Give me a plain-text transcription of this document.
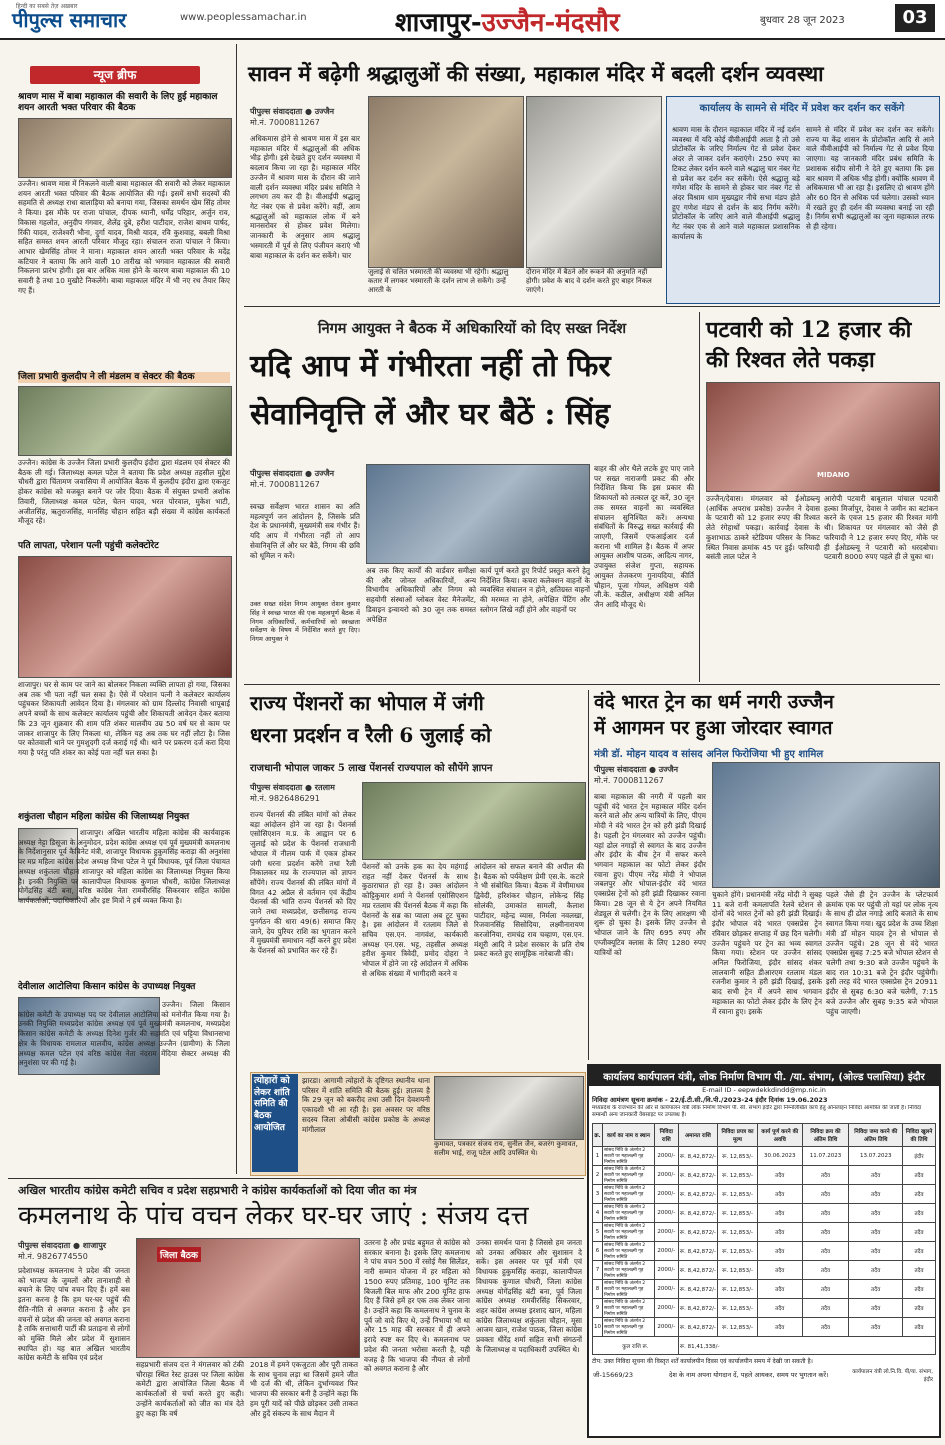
हिन्दी का सबसे तेज़ अख़बार
पीपुल्स समाचार	www.peoplessamachar.in	शाजापुर-उज्जैन-मंदसौर	बुधवार 28 जून 2023	03
न्यूज ब्रीफ
श्रावण मास में बाबा महाकाल की सवारी के लिए हुई महाकाल शयन आरती भक्त परिवार की बैठक
उज्जैन। श्रावण मास में निकलने वाली बाबा महाकाल की सवारी को लेकर महाकाल शयन आरती भक्त परिवार की बैठक आयोजित की गई। इसमें सभी सदस्यों की सहमति से अध्यक्ष राधा बालाड़िया को बनाया गया, जिसका समर्थन खेम सिंह तोमर ने किया। इस मौके पर राजा पांचाल, दीपक ध्यानी, धर्मेंद्र परिहार, अर्जुन राव, विकास गहलोत, अनुदीप गंगवार, शैलेंद्र दुबे, हरीश पाटीदार, राजेश बाथम पार्षद, रिंकी यादव, राजेश्वरी भौना, दुर्गा यादव, मिश्री यादव, रवि कुशवाह, बबली मिश्रा सहित समस्त शयन आरती परिवार मौजूद रहा। संचालन राजा पांचाल ने किया। आभार खेमसिंह तोमर ने माना। महाकाल शयन आरती भक्त परिवार के मदेंद्र कटियार ने बताया कि आने वाली 10 तारीख को भगवान महाकाल की सवारी निकलना प्रारंभ होगी। इस बार अधिक मास होने के कारण बाबा महाकाल की 10 सवारी है तथा 10 मुखौटे निकलेंगे। बाबा महाकाल मंदिर में भी नए रथ तैयार किए गए हैं।
जिला प्रभारी कुलदीप ने ली मंडलम व सेक्टर की बैठक
उज्जैन। कांग्रेस के उज्जैन जिला प्रभारी कुलदीप इंदौरा द्वारा मंडलम एवं सेक्टर की बैठक ली गई। जिलाध्यक्ष कमल पटेल ने बताया कि प्रदेश अध्यक्ष तहसील मुद्देश चौधरी द्वारा चिंतामण जवासिया में आयोजित बैठक में कुलदीप इंदौरा द्वारा एकजुट होकर कांग्रेस को मजबूत बनाने पर जोर दिया। बैठक में संयुक्त प्रभारी अशोक तिवारी, जिलाध्यक्ष कमल पटेल, चेतन यादव, भरत पोरवाल, मुकेश भाटी, अजीतसिंह, ऋतुराजसिंह, मानसिंह चौहान सहित बड़ी संख्या में कांग्रेस कार्यकर्ता मौजूद रहे।
पति लापता, परेशान पत्नी पहुंची कलेक्टोरेट
शाजापुर। घर से काम पर जाने का बोलकर निकला व्यक्ति लापता हो गया, जिसका अब तक भी पता नहीं चल सका है। ऐसे में परेशान पत्नी ने कलेक्टर कार्यालय पहुंचकर शिकायती आवेदन दिया है। मंगलवार को ग्राम दिल्लोद निवासी धापूबाई अपने बच्चों के साथ कलेक्टर कार्यालय पहुंची और शिकायती आवेदन देकर बताया कि 23 जून शुक्रवार की शाम पति शंकर मालवीय उम्र 50 वर्ष घर से काम पर जाकर शाजापुर के लिए निकला था, लेकिन यह अब तक घर नहीं लौटा है। जिस पर कोतवाली थाने पर गुमशुदगी दर्ज कराई गई थी। थाने पर प्रकरण दर्ज करा दिया गया है परंतु पति शंकर का कोई पता नहीं चल सका है।
शकुंतला चौहान महिला कांग्रेस की जिलाध्यक्ष नियुक्त
शाजापुर। अखिल भारतीय महिला कांग्रेस की कार्यवाहक अध्यक्ष नेट्टा डिसूजा के अनुमोदन, प्रदेश कांग्रेस अध्यक्ष एवं पूर्व मुख्यमंत्री कमलनाथ के निर्देशानुसार पूर्व कैबिनेट मंत्री, शाजापुर विधायक हुकुमसिंह कराड़ा की अनुशंसा पर मप्र महिला कांग्रेस प्रदेश अध्यक्ष विभा पटेल ने पूर्व विधायक, पूर्व जिला पंचायत अध्यक्ष शकुंतला चौहान शाजापुर को महिला कांग्रेस का जिलाध्यक्ष नियुक्त किया है। इनकी नियुक्ति पर कालापीपल विधायक कुणाल चौधरी, कांग्रेस जिलाध्यक्ष योगेंद्रसिंह बंटी बना, वरिष्ठ कांग्रेस नेता रामवीरसिंह सिकरवार सहित कांग्रेस कार्यकर्ताओं, पदाधिकारियों और इष्ट मित्रों ने हर्ष व्यक्त किया है।
देवीलाल आटोलिया किसान कांग्रेस के उपाध्यक्ष नियुक्त
उज्जैन। जिला किसान कांग्रेस कमेटी के उपाध्यक्ष पद पर देवीलाल आटोलिया को मनोनीत किया गया है। उनकी नियुक्ति मध्यप्रदेश कांग्रेस अध्यक्ष एवं पूर्व मुख्यमंत्री कमलनाथ, मध्यप्रदेश किसान कांग्रेस कमेटी के अध्यक्ष दिनेश गुर्जर की सहमति एवं घट्टिया विधानसभा क्षेत्र के विधायक रामलाल मालवीय, कांग्रेस अध्यक्ष उज्जैन (ग्रामीण) के जिला अध्यक्ष कमल पटेल एवं वरिष्ठ कांग्रेस नेता नंदराम मेंदिया सेक्टर अध्यक्ष की अनुशंसा पर की गई है।
सावन में बढ़ेगी श्रद्धालुओं की संख्या, महाकाल मंदिर में बदली दर्शन व्यवस्था
पीपुल्स संवाददाता ● उज्जैन
मो.नं. 7000811267
अधिकमास होने से श्रावण मास में इस बार महाकाल मंदिर में श्रद्धालुओं की अधिक भीड़ होगी। इसे देखते हुए दर्शन व्यवस्था में बदलाव किया जा रहा है। महाकाल मंदिर उज्जैन में श्रावण मास के दौरान की जाने वाली दर्शन व्यवस्था मंदिर प्रबंध समिति ने लगभग तय कर दी है। वीआईपी श्रद्धालु गेट नंबर एक से प्रवेश करेंगे। वहीं, आम श्रद्धालुओं को महाकाल लोक में बने मानसरोवर से होकर प्रवेश मिलेगा। जानकारी के अनुसार आम श्रद्धालु भस्मारती में पूर्व से लिए पंजीयन कराएं भी बाबा महाकाल के दर्शन कर सकेंगे। चार
जुलाई से चलित भस्मारती की व्यवस्था भी रहेगी। श्रद्धालु कतार में लगकर भस्मारती के दर्शन लाभ ले सकेंगे। उन्हें आरती के
दौरान मंदिर में बैठने और रूकने की अनुमति नहीं होगी। प्रवेश के बाद वे दर्शन करते हुए बाहर निकल जाएंगे।
कार्यालय के सामने से मंदिर में प्रवेश कर दर्शन कर सकेंगे
श्रावण मास के दौरान महाकाल मंदिर में नई दर्शन व्यवस्था में यदि कोई वीवीआईपी आता है तो उसे प्रोटोकॉल के जरिए निर्माल्य गेट से प्रवेश देकर अंदर ले जाकर दर्शन कराएंगे। 250 रुपए का टिकट लेकर दर्शन करने वाले श्रद्धालु चार नंबर गेट से प्रवेश कर दर्शन कर सकेंगे। ऐसे श्रद्धालु बड़े गणेश मंदिर के सामने से होकर चार नंबर गेट से अंदर विश्राम धाम मुख्यद्वार नीचे सभा मंडप होते हुए गणेश मंडप से दर्शन के बाद निर्गम करेंगे। प्रोटोकॉल के जरिए आने वाले वीआईपी श्रद्धालु गेट नंबर एक से आने वाले महाकाल प्रशासनिक कार्यालय के
सामने से मंदिर में प्रवेश कर दर्शन कर सकेंगे। राज्य या केंद्र शासन के प्रोटोकॉल आदि से आने वाले वीवीआईपी को निर्माल्य गेट से प्रवेश दिया जाएगा। यह जानकारी मंदिर प्रबंध समिति के प्रशासक संदीप सोनी ने देते हुए बताया कि इस बार श्रावण में अधिक भीड़ होगी। क्योंकि श्रावण में अधिकमास भी आ रहा है। इसलिए दो श्रावण होंगे और 60 दिन से अधिक पर्व चलेगा। उसको ध्यान में रखते हुए ही दर्शन की व्यवस्था बनाई जा रही है। निर्गम सभी श्रद्धालुओं का जूना महाकाल तरफ से ही रहेगा।
निगम आयुक्त ने बैठक में अधिकारियों को दिए सख्त निर्देश
यदि आप में गंभीरता नहीं तो फिर
सेवानिवृत्ति लें और घर बैठें : सिंह
पीपुल्स संवाददाता ● उज्जैन
मो.नं. 7000811267
स्वच्छ सर्वेक्षण भारत शासन का अति महत्वपूर्ण जन आंदोलन है, जिसके प्रति देश के प्रधानमंत्री, मुख्यमंत्री सब गंभीर हैं। यदि आप में गंभीरता नहीं तो आप सेवानिवृत्ति लें और घर बैठें, निगम की छवि को धूमिल न करें।
उक्त सख्त संदेश निगम आयुक्त रोशन कुमार सिंह ने स्वच्छ भारत की एक महत्वपूर्ण बैठक में निगम अधिकारियों, कर्मचारियों को स्वच्छता सर्वेक्षण के विषय में निर्देशित करते हुए दिए। निगम आयुक्त ने
अब तक किए कार्यों की वार्डवार समीक्षा की और जोनल अधिकारियों, अन्य विभागीय अधिकारियों और निगम को सहयोगी संस्थाओं ग्लोबल वेस्ट मैनेजमेंट, डिवाइन इन्वायरो को 30 जून तक समस्त अपेक्षित
कार्य पूर्ण करते हुए रिपोर्ट प्रस्तुत करने हेतु निर्देशित किया। कचरा कलेक्शन वाहनों के व्यवस्थित संचालन न होने, क्षतिग्रस्त वाहनों की मरम्मत ना होने, अपेक्षित पेंटिंग और स्लोगन लिखे नहीं होने और वाहनों पर
बाहर की ओर थैले लटके हुए पाए जाने पर सख्त नाराजगी प्रकट की और निर्देशित किया कि इस प्रकार की शिकायतों को तत्काल दूर करें, 30 जून तक समस्त वाहनों का व्यवस्थित संचालन सुनिश्चित करें। अन्यथा संबंधितों के विरुद्ध सख्त कार्रवाई की जाएगी, जिसमें एफआईआर दर्ज कराना भी शामिल है। बैठक में अपर आयुक्त आशीष पाठक, आदित्य नागर, उपायुक्त संजेश गुप्ता, सहायक आयुक्त तेजकरण गुनायदिया, कीर्ति चौहान, पूजा गोयल, अधिक्षण यंत्री जी.के. कठील, अधीक्षण यंत्री अनिल जैन आदि मौजूद थे।
पटवारी को 12 हजार की
की रिश्वत लेते पकड़ा
MIDANO
उज्जैन/देवास। मंगलवार को ईओडब्ल्यू (आर्थिक अपराध प्रकोष्ठ) उज्जैन ने देवास के पटवारी को 12 हजार रुपए की रिश्वत लेते रंगेहाथों पकड़ा। कार्रवाई देवास के कुशाभाऊ ठाकरे स्टेडियम परिसर के निकट स्थित निवास क्रमांक 45 पर हुई। फरियादी बसंती लाल पटेल ने
आरोपी पटवारी बाबूलाल पांचाल पटवारी हल्का मिर्जापुर, देवास ने जमीन का बटांकन करने के एवज 15 हजार की रिश्वत मांगी थी। शिकायत पर मंगलवार को जैसे ही फरियादी ने 12 हजार रुपए दिए, मौके पर ही ईओडब्ल्यू ने पटवारी को धरदबोचा। पटवारी 8000 रुपए पहले ही ले चुका था।
राज्य पेंशनरों का भोपाल में जंगी
धरना प्रदर्शन व रैली 6 जुलाई को
राजधानी भोपाल जाकर 5 लाख पेंशनर्स राज्यपाल को सौपेंगे ज्ञापन
पीपुल्स संवाददाता ● रतलाम
मो.नं. 9826486291
राज्य पेंशनर्स की लंबित मांगों को लेकर बड़ा आंदोलन होने जा रहा है। पेंशनर्स एसोसिएशन म.प्र. के आह्वान पर 6 जुलाई को प्रदेश के पेंशनर्स राजधानी भोपाल में नीलम पार्क में एकत्र होकर जंगी धरना प्रदर्शन करेंगे तथा रैली निकालकर मप्र के राज्यपाल को ज्ञापन सौंपेंगे। राज्य पेंशनर्स की लंबित मांगों में विगत 42 अप्रैल से वर्तमान एवं केंद्रीय पेंशनर्स की भांति राज्य पेंशनर्स को दिए जाने तथा मध्यप्रदेश, छत्तीसगढ़ राज्य पुनर्गठन की धारा 49(6) समाप्त किए जाने, देय पुरियर राशि का भुगतान करने में मुख्यमंत्री समाधान नहीं करने हुए प्रदेश के पेंशनर्स को प्रभावित कर रहे हैं।
पेंशनरों को उनके हक का देय महंगाई राहत नहीं देकर पेंशनर्स के साथ कुठाराघात हो रहा है। उक्त आंदोलन कोट्टिकुमार शर्मा ने पेंशनर्स एसोसिएशन मप्र रतलाम की पेंशनर्स बैठक में कहा कि पेंशनरों के सब्र का प्याला अब टूट चुका है। इस आंदोलन में रतलाम जिले से सचिव एस.एन. नागवंश, कार्यकारी अध्यक्ष एन.एस. भट्ट, तहसील अध्यक्ष हरीश कुमार त्रिवेदी, प्रमोद दोहरा ने भोपाल में होने जा रहे आंदोलन में अधिक से अधिक संख्या में भागीदारी करने व
आंदोलन को सफल बनाने की अपील की है। बैठक को पर्यवेक्षण प्रेमी एस.के. कटारे ने भी संबोधित किया। बैठक में वेणीमाधव द्विवेदी, हरिशंकर चौहान, लोकेन्द्र सिंह सोलंकी, उमाकांत सामली, कैलाश पाटीदार, महेन्द्र व्यास, निर्मला नवलखा, रिजवानसिंह सिसोदिया, लक्ष्मीनारायण करजोनिया, रामचंद्र राव चव्हाण, एस.एन. मंशूरी आदि ने प्रदेश सरकार के प्रति रोष प्रकट करते हुए सामूहिक नारेबाजी की।
त्योहारों को लेकर शांति समिति की बैठक आयोजित
झारडा। आगामी त्योहारों के दृष्टिगत स्थानीय थाना परिसर में शांति समिति की बैठक हुई। ज्ञातव्य है कि 29 जून को बकरीद तथा उसी दिन देवशयनी एकादशी भी आ रही है। इस अवसर पर वरिष्ठ सदस्य जिला ओबीसी कांग्रेस प्रकोष्ठ के अध्यक्ष मांगीलाल
कुमावत, पत्रकार संजय राय, सुनील जैन, बजरंग कुमावत, सलीम भाई, राजू पटेल आदि उपस्थित थे।
वंदे भारत ट्रेन का धर्म नगरी उज्जैन
में आगमन पर हुआ जोरदार स्वागत
मंत्री डॉ. मोहन यादव व सांसद अनिल फिरोजिया भी हुए शामिल
पीपुल्स संवाददाता ● उज्जैन
मो.नं. 7000811267
बाबा महाकाल की नगरी में पहली बार पहुंची वंदे भारत ट्रेन महाकाल मंदिर दर्शन करने वाले और अन्य यात्रियों के लिए, पीएम मोदी ने वंदे भारत ट्रेन को हरी झंडी दिखाई है। पहली ट्रेन मंगलवार को उज्जैन पहुंची। यहां ढोल नगाड़ों से स्वागत के बाद उज्जैन और इंदौर के बीच ट्रेन में सफर करने भगवान महाकाल का फोटो लेकर इंदौर रवाना हुए। पीएम नरेंद्र मोदी ने भोपाल जबलपुर और भोपाल-इंदौर वंदे भारत एक्सप्रेस ट्रेनों को हरी झंडी दिखाकर रवाना किया। 28 जून से ये ट्रेन अपने नियमित शेड्यूल से चलेगी। ट्रेन के लिए आरक्षण भी शुरू हो चुका है। इसके लिए उज्जैन से भोपाल जाने के लिए 695 रुपए और एग्जीक्यूटिव क्लास के लिए 1280 रुपए यात्रियों को
चुकाने होंगे। प्रधानमंत्री नरेंद्र मोदी ने सुबह 11 बजे रानी कमलापति रेलवे स्टेशन से दोनों वंदे भारत ट्रेनों को हरी झंडी दिखाई। इंदौर भोपाल वंदे भारत एक्सप्रेस ट्रेन रविवार छोड़कर सप्ताह में छह दिन चलेगी। उज्जैन पहुंचने पर ट्रेन का भव्य स्वागत किया गया। स्टेशन पर उज्जैन सांसद अनिल फिरोजिया, इंदौर सांसद शंकर लालवानी सहित डीआरएम रतलाम मंडल रजनीश कुमार ने हरी झंडी दिखाई, इसके बाद सभी ट्रेन में अपने साथ भगवान महाकाल का फोटो लेकर इंदौर के लिए ट्रेन में रवाना हुए। इसके
पहले जैसे ही ट्रेन उज्जैन के प्लेटफार्म क्रमांक एक पर पहुंची तो यहां पर लोक नृत्य के साथ ही ढोल नगाड़े आदि बजाते के साथ स्वागत किया गया। खुद प्रदेश के उच्च शिक्षा मंत्री डॉ मोहन यादव ट्रेन से भोपाल से उज्जैन पहुंचे। 28 जून से वंदे भारत एक्सप्रेस सुबह 7:25 बजे भोपाल स्टेशन से चलेगी तथा 9:30 बजे उज्जैन पहुंचने के बाद रात 10:31 बजे ट्रेन इंदौर पहुंचेगी। इसी तरह वंदे भारत एक्सप्रेस ट्रेन 20911 इंदौर से सुबह 6:30 बजे चलेगी, 7:15 बजे उज्जैन और सुबह 9:35 बजे भोपाल पहुंच जाएगी।
कार्यालय कार्यपालन यंत्री, लोक निर्माण विभाग पी. /या. संभाग, (ओल्ड पलासिया) इंदौर
E-mail ID - eepwdekkdindd@mp.nic.in
निविदा आमंत्रण सूचना क्रमांक - 22/ई.टी.सी./वि.पी./2023-24 इंदौर दिनांक 19.06.2023
मध्यप्रदेश के राजभवन की ओर से कार्यपालन यंत्री लोक निर्माण विभाग पी. सी. संभाग इंदौर द्वारा निम्नलिखित कार्य हेतु ऑनलाइन निविदा आमंत्रित की जाती है। निविदा सम्बन्धी अन्य जानकारी वेबसाइट पर उपलब्ध है।
क्र.	कार्य का नाम व स्थान	निविदा राशि	अमानत राशि	निविदा प्रपत्र का मूल्य	कार्य पूर्ण करने की अवधि	निविदा क्रय की अंतिम तिथि	निविदा जमा करने की अंतिम तिथि	निविदा खुलने की तिथि
1	सांसद निधि के अंतर्गत 2 सवारी पर महालक्ष्मी गृह निर्माण समिति	2000/-	रू. 8,42,872/-	रू. 12,853/-	30.06.2023	11.07.2023	13.07.2023	इंदौर
2	सांसद निधि के अंतर्गत 2 सवारी पर महालक्ष्मी गृह निर्माण समिति	2000/-	रू. 8,42,872/-	रू. 12,853/-	तदैव	तदैव	तदैव	तदैव
3	सांसद निधि के अंतर्गत 2 सवारी पर महालक्ष्मी गृह निर्माण समिति	2000/-	रू. 8,42,872/-	रू. 12,853/-	तदैव	तदैव	तदैव	तदैव
4	सांसद निधि के अंतर्गत 2 सवारी पर महालक्ष्मी गृह निर्माण समिति	2000/-	रू. 8,42,872/-	रू. 12,853/-	तदैव	तदैव	तदैव	तदैव
5	सांसद निधि के अंतर्गत 2 सवारी पर महालक्ष्मी गृह निर्माण समिति	2000/-	रू. 8,42,872/-	रू. 12,853/-	तदैव	तदैव	तदैव	तदैव
6	सांसद निधि के अंतर्गत 2 सवारी पर महालक्ष्मी गृह निर्माण समिति	2000/-	रू. 8,42,872/-	रू. 12,853/-	तदैव	तदैव	तदैव	तदैव
7	सांसद निधि के अंतर्गत 2 सवारी पर महालक्ष्मी गृह निर्माण समिति	2000/-	रू. 8,42,872/-	रू. 12,853/-	तदैव	तदैव	तदैव	तदैव
8	सांसद निधि के अंतर्गत 2 सवारी पर महालक्ष्मी गृह निर्माण समिति	2000/-	रू. 8,42,872/-	रू. 12,853/-	तदैव	तदैव	तदैव	तदैव
9	सांसद निधि के अंतर्गत 2 सवारी पर महालक्ष्मी गृह निर्माण समिति	2000/-	रू. 8,42,872/-	रू. 12,853/-	तदैव	तदैव	तदैव	तदैव
10	सांसद निधि के अंतर्गत 2 सवारी पर महालक्ष्मी गृह निर्माण समिति	2000/-	रू. 8,42,872/-	रू. 12,853/-	तदैव	तदैव	तदैव	तदैव
कुल राशि रू.			रू. 81,41,338/-					
टीप: उक्त निविदा सूचना की विस्तृत शर्तें कार्यालयीन दिवस एवं कार्यालयीन समय में देखी जा सकती है।
जी-15669/23	देश के नाम अपना योगदान दें, पहले आयकर, समय पर भुगतान करें।	कार्यपालन यंत्री लो.नि.वि. पी/या. संभाग, इंदौर
अखिल भारतीय कांग्रेस कमेटी सचिव व प्रदेश सहप्रभारी ने कांग्रेस कार्यकर्ताओं को दिया जीत का मंत्र
कमलनाथ के पांच वचन लेकर घर-घर जाएं : संजय दत्त
पीपुल्स संवाददाता ● शाजापुर
मो.नं. 9826774550
प्रदेशाध्यक्ष कमलनाथ ने प्रदेश की जनता को भाजपा के जुमलों और तानाशाही से बचाने के लिए पांच वचन दिए हैं। हमें बस इतना करना है कि हम घर-घर पहुंचें की रीति-नीति से अवगत कराना है और इन वचनों से प्रदेश की जनता को अवगत कराना है ताकि सत्ताधारी पार्टी की प्रताड़ना से लोगों को मुक्ति मिले और प्रदेश में सुशासन स्थापित हो। यह बात अखिल भारतीय कांग्रेस कमेटी के सचिव एवं प्रदेश
जिला बैठक
सहप्रभारी संजय दत्त ने मंगलवार को टंकी चौराहा स्थित रेस्ट हाउस पर जिला कांग्रेस कमेटी द्वारा आयोजित जिला बैठक में कार्यकर्ताओं से चर्चा करते हुए कही। उन्होंने कार्यकर्ताओं को जीत का मंत्र देते हुए कहा कि वर्ष
2018 में हमने एकजुटता और पूरी ताकत के साथ चुनाव लड़ा था जिसमें हमने जीत भी दर्ज की थी, लेकिन दुर्भाग्यवश फिर भाजपा की सरकार बनी है उन्होंने कहा कि हम पूरी यादें को पीछे छोड़कर उसी ताकत और हुदें संकल्प के साथ मैदान में
उतरना है और प्रचंड बहुमत से कांग्रेस को सरकार बनाना है। इसके लिए कमलनाथ ने पांच वचन 500 में रसोई गैस सिलेंडर, नारी सम्मान योजना में हर महिला को 1500 रुपए प्रतिमाह, 100 यूनिट तक बिजली बिल माफ और 200 यूनिट हाफ दिए हैं जिसे हमें हर एक तक लेकर जाना है। उन्होंने कहा कि कमलनाथ ने चुनाव के पूर्व जो वादे किए थे, उन्हें निभाया भी था और 15 माह की सरकार में ही अपने इरादे स्पष्ट कर दिए थे। कमलनाथ पर प्रदेश की जनता भरोसा करती है, यही वजह है कि भाजपा की नीयत से लोगों को अवगत कराना है और
उनका समर्थन पाना है जिससे हम जनता को उनका अधिकार और सुशासन दे सकें। इस अवसर पर पूर्व मंत्री एवं विधायक हुकुमसिंह कराड़ा, कालापीपल विधायक कुणाल चौधरी, जिला कांग्रेस अध्यक्ष योगेंद्रसिंह बंटी बना, पूर्व जिला कांग्रेस अध्यक्ष रामवीरसिंह सिकरवार, शहर कांग्रेस अध्यक्ष इरशाद खान, महिला कांग्रेस जिलाध्यक्ष शकुंतला चौहान, मूसा आजम खान, राजेश पाठक, जिला कांग्रेस प्रवक्ता धीरेंद्र शर्मा सहित सभी संगठनों के जिलाध्यक्ष व पदाधिकारी उपस्थित थे।
